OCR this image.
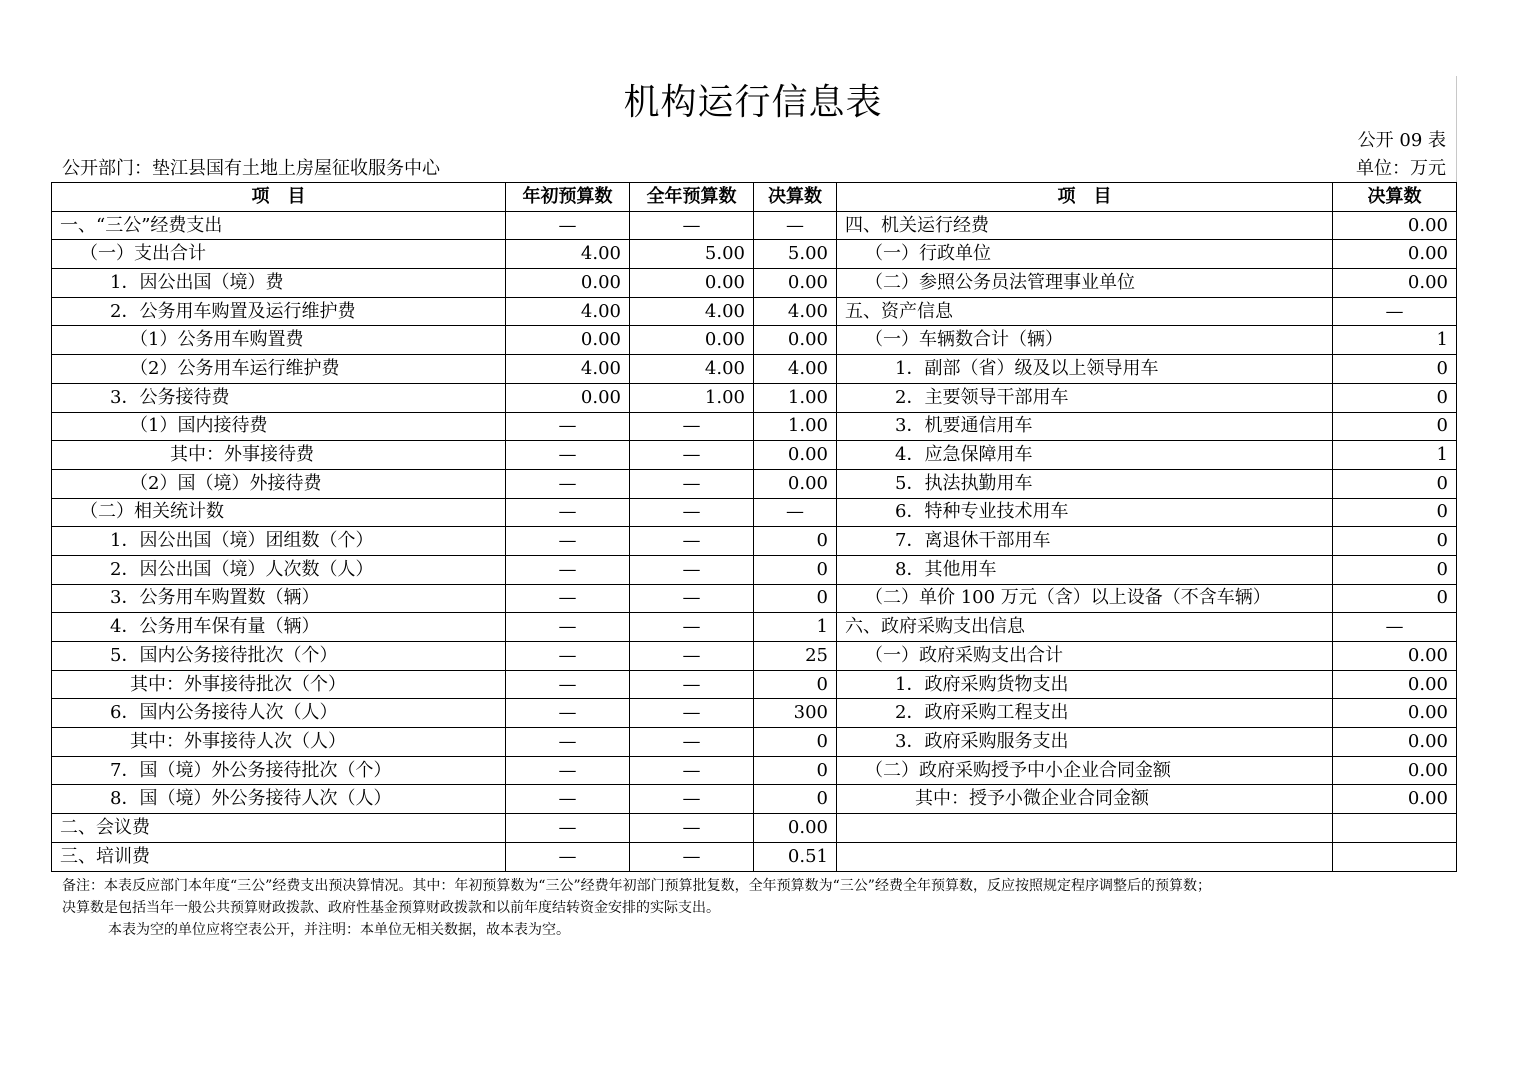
机构运行信息表
公开 09 表
公开部门：垫江县国有土地上房屋征收服务中心	单位：万元
项　目	年初预算数	全年预算数	决算数	项　目	决算数
一、“三公”经费支出	—	—	—	四、机关运行经费	0.00
（一）支出合计	4.00	5.00	5.00	（一）行政单位	0.00
1．因公出国（境）费	0.00	0.00	0.00	（二）参照公务员法管理事业单位	0.00
2．公务用车购置及运行维护费	4.00	4.00	4.00	五、资产信息	—
（1）公务用车购置费	0.00	0.00	0.00	（一）车辆数合计（辆）	1
（2）公务用车运行维护费	4.00	4.00	4.00	1．副部（省）级及以上领导用车	0
3．公务接待费	0.00	1.00	1.00	2．主要领导干部用车	0
（1）国内接待费	—	—	1.00	3．机要通信用车	0
其中：外事接待费	—	—	0.00	4．应急保障用车	1
（2）国（境）外接待费	—	—	0.00	5．执法执勤用车	0
（二）相关统计数	—	—	—	6．特种专业技术用车	0
1．因公出国（境）团组数（个）	—	—	0	7．离退休干部用车	0
2．因公出国（境）人次数（人）	—	—	0	8．其他用车	0
3．公务用车购置数（辆）	—	—	0	（二）单价 100 万元（含）以上设备（不含车辆）	0
4．公务用车保有量（辆）	—	—	1	六、政府采购支出信息	—
5．国内公务接待批次（个）	—	—	25	（一）政府采购支出合计	0.00
其中：外事接待批次（个）	—	—	0	1．政府采购货物支出	0.00
6．国内公务接待人次（人）	—	—	300	2．政府采购工程支出	0.00
其中：外事接待人次（人）	—	—	0	3．政府采购服务支出	0.00
7．国（境）外公务接待批次（个）	—	—	0	（二）政府采购授予中小企业合同金额	0.00
8．国（境）外公务接待人次（人）	—	—	0	其中：授予小微企业合同金额	0.00
二、会议费	—	—	0.00		
三、培训费	—	—	0.51		
备注：本表反应部门本年度“三公”经费支出预决算情况。其中：年初预算数为“三公”经费年初部门预算批复数，全年预算数为“三公”经费全年预算数，反应按照规定程序调整后的预算数；
决算数是包括当年一般公共预算财政拨款、政府性基金预算财政拨款和以前年度结转资金安排的实际支出。
本表为空的单位应将空表公开，并注明：本单位无相关数据，故本表为空。
